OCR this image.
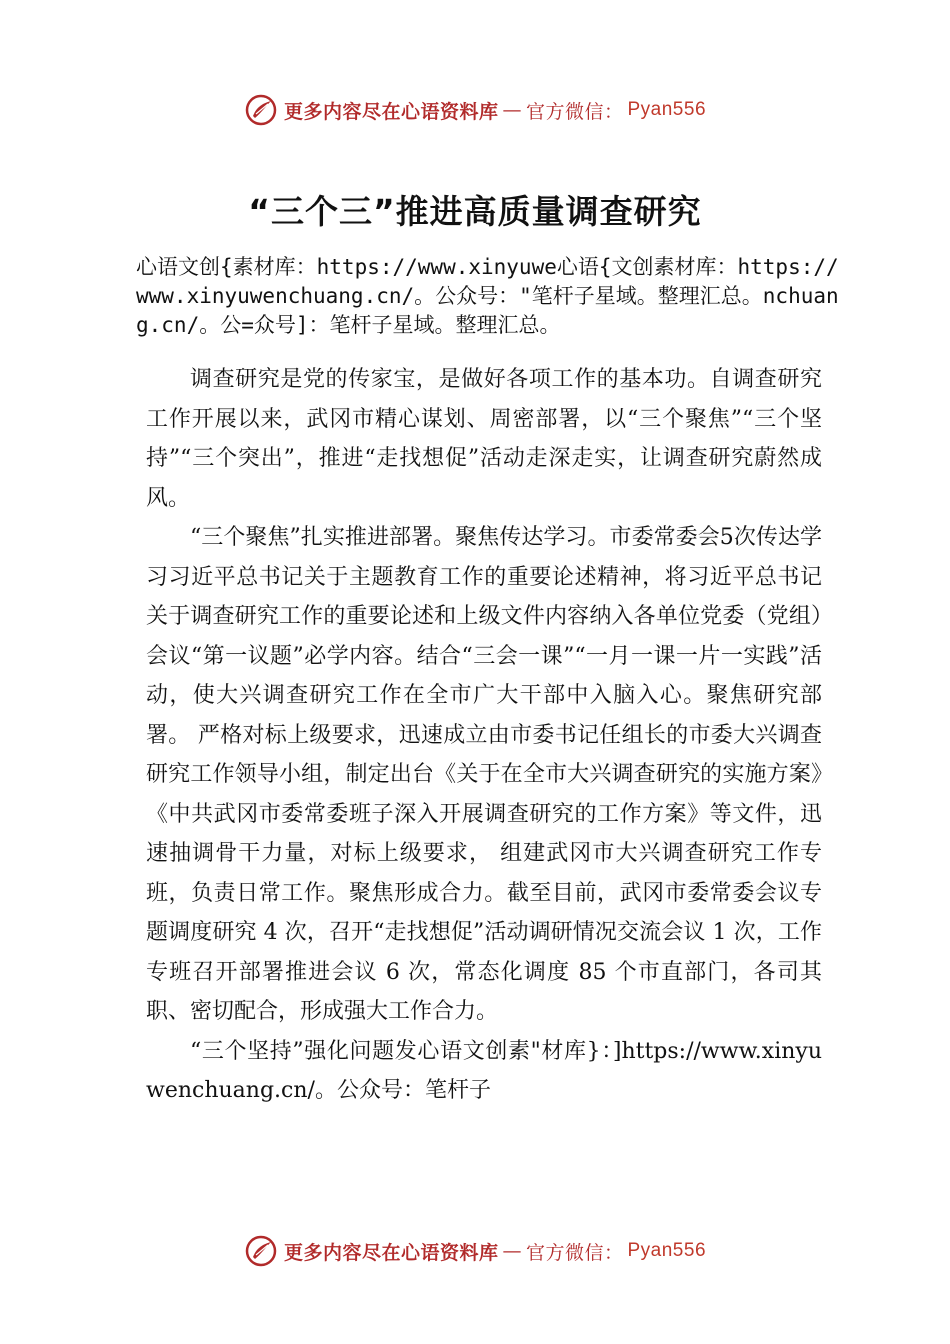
更多内容尽在心语资料库 — 官方微信： Pyan556
“三个三”推进高质量调查研究
心语文创{素材库：https://www.xinyuwe心语{文创素材库：https://www.xinyuwenchuang.cn/。公众号："笔杆子星域。整理汇总。nchuang.cn/。公=众号]：笔杆子星域。整理汇总。

调查研究是党的传家宝，是做好各项工作的基本功。自调查研究工作开展以来，武冈市精心谋划、周密部署，以“三个聚焦”“三个坚持”“三个突出”，推进“走找想促”活动走深走实，让调查研究蔚然成风。

“三个聚焦”扎实推进部署。聚焦传达学习。市委常委会5次传达学习习近平总书记关于主题教育工作的重要论述精神，将习近平总书记关于调查研究工作的重要论述和上级文件内容纳入各单位党委（党组）会议“第一议题”必学内容。结合“三会一课”“一月一课一片一实践”活动，使大兴调查研究工作在全市广大干部中入脑入心。聚焦研究部署。 严格对标上级要求，迅速成立由市委书记任组长的市委大兴调查研究工作领导小组，制定出台《关于在全市大兴调查研究的实施方案》《中共武冈市委常委班子深入开展调查研究的工作方案》等文件，迅速抽调骨干力量，对标上级要求， 组建武冈市大兴调查研究工作专班，负责日常工作。聚焦形成合力。截至目前，武冈市委常委会议专题调度研究 4 次，召开“走找想促”活动调研情况交流会议 1 次，工作专班召开部署推进会议 6 次，常态化调度 85 个市直部门，各司其职、密切配合，形成强大工作合力。

“三个坚持”强化问题发心语文创素"材库}：]https://www.xinyuwenchuang.cn/。公众号：笔杆子

更多内容尽在心语资料库 — 官方微信： Pyan556
